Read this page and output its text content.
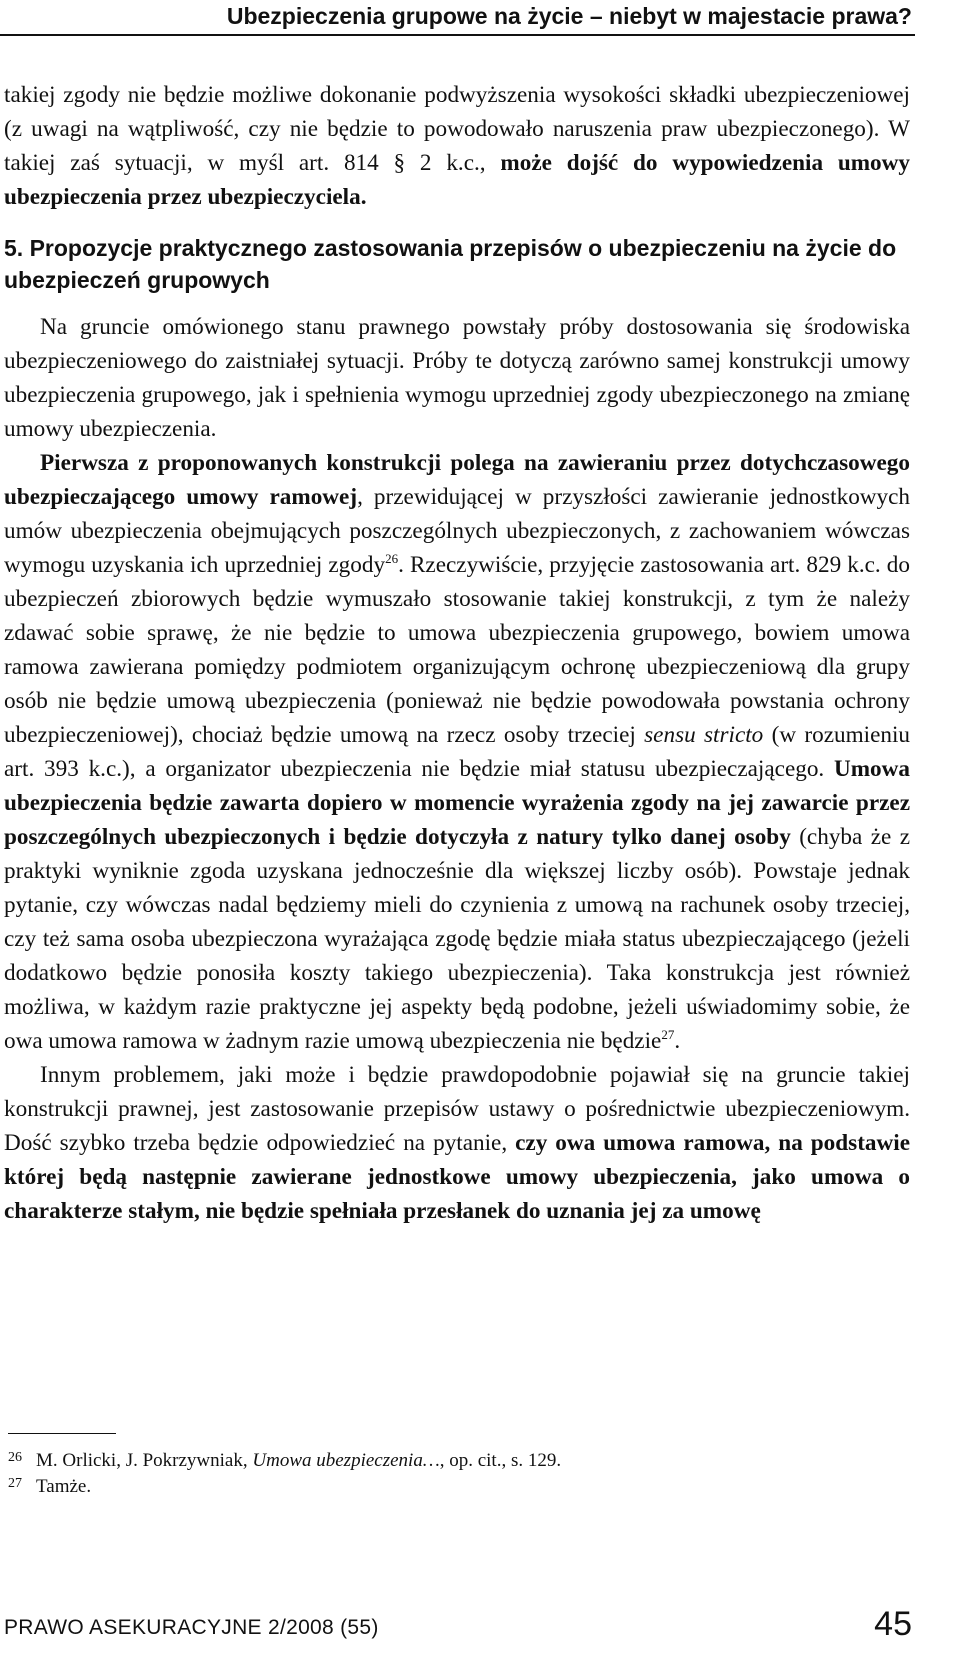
Ubezpieczenia grupowe na życie – niebyt w majestacie prawa?

takiej zgody nie będzie możliwe dokonanie podwyższenia wysokości składki ubezpieczeniowej (z uwagi na wątpliwość, czy nie będzie to powodowało naruszenia praw ubezpieczonego). W takiej zaś sytuacji, w myśl art. 814 § 2 k.c., może dojść do wypowiedzenia umowy ubezpieczenia przez ubezpieczyciela.

5. Propozycje praktycznego zastosowania przepisów o ubezpieczeniu na życie do ubezpieczeń grupowych

Na gruncie omówionego stanu prawnego powstały próby dostosowania się środowiska ubezpieczeniowego do zaistniałej sytuacji. Próby te dotyczą zarówno samej konstrukcji umowy ubezpieczenia grupowego, jak i spełnienia wymogu uprzedniej zgody ubezpieczonego na zmianę umowy ubezpieczenia.

Pierwsza z proponowanych konstrukcji polega na zawieraniu przez dotychczasowego ubezpieczającego umowy ramowej, przewidującej w przyszłości zawieranie jednostkowych umów ubezpieczenia obejmujących poszczególnych ubezpieczonych, z zachowaniem wówczas wymogu uzyskania ich uprzedniej zgody$^{26}$. Rzeczywiście, przyjęcie zastosowania art. 829 k.c. do ubezpieczeń zbiorowych będzie wymuszało stosowanie takiej konstrukcji, z tym że należy zdawać sobie sprawę, że nie będzie to umowa ubezpieczenia grupowego, bowiem umowa ramowa zawierana pomiędzy podmiotem organizującym ochronę ubezpieczeniową dla grupy osób nie będzie umową ubezpieczenia (ponieważ nie będzie powodowała powstania ochrony ubezpieczeniowej), chociaż będzie umową na rzecz osoby trzeciej sensu stricto (w rozumieniu art. 393 k.c.), a organizator ubezpieczenia nie będzie miał statusu ubezpieczającego. Umowa ubezpieczenia będzie zawarta dopiero w momencie wyrażenia zgody na jej zawarcie przez poszczególnych ubezpieczonych i będzie dotyczyła z natury tylko danej osoby (chyba że z praktyki wyniknie zgoda uzyskana jednocześnie dla większej liczby osób). Powstaje jednak pytanie, czy wówczas nadal będziemy mieli do czynienia z umową na rachunek osoby trzeciej, czy też sama osoba ubezpieczona wyrażająca zgodę będzie miała status ubezpieczającego (jeżeli dodatkowo będzie ponosiła koszty takiego ubezpieczenia). Taka konstrukcja jest również możliwa, w każdym razie praktyczne jej aspekty będą podobne, jeżeli uświadomimy sobie, że owa umowa ramowa w żadnym razie umową ubezpieczenia nie będzie$^{27}$.

Innym problemem, jaki może i będzie prawdopodobnie pojawiał się na gruncie takiej konstrukcji prawnej, jest zastosowanie przepisów ustawy o pośrednictwie ubezpieczeniowym. Dość szybko trzeba będzie odpowiedzieć na pytanie, czy owa umowa ramowa, na podstawie której będą następnie zawierane jednostkowe umowy ubezpieczenia, jako umowa o charakterze stałym, nie będzie spełniała przesłanek do uznania jej za umowę

26 M. Orlicki, J. Pokrzywniak, Umowa ubezpieczenia…, op. cit., s. 129.
27 Tamże.
PRAWO ASEKURACYJNE 2/2008 (55)	45
